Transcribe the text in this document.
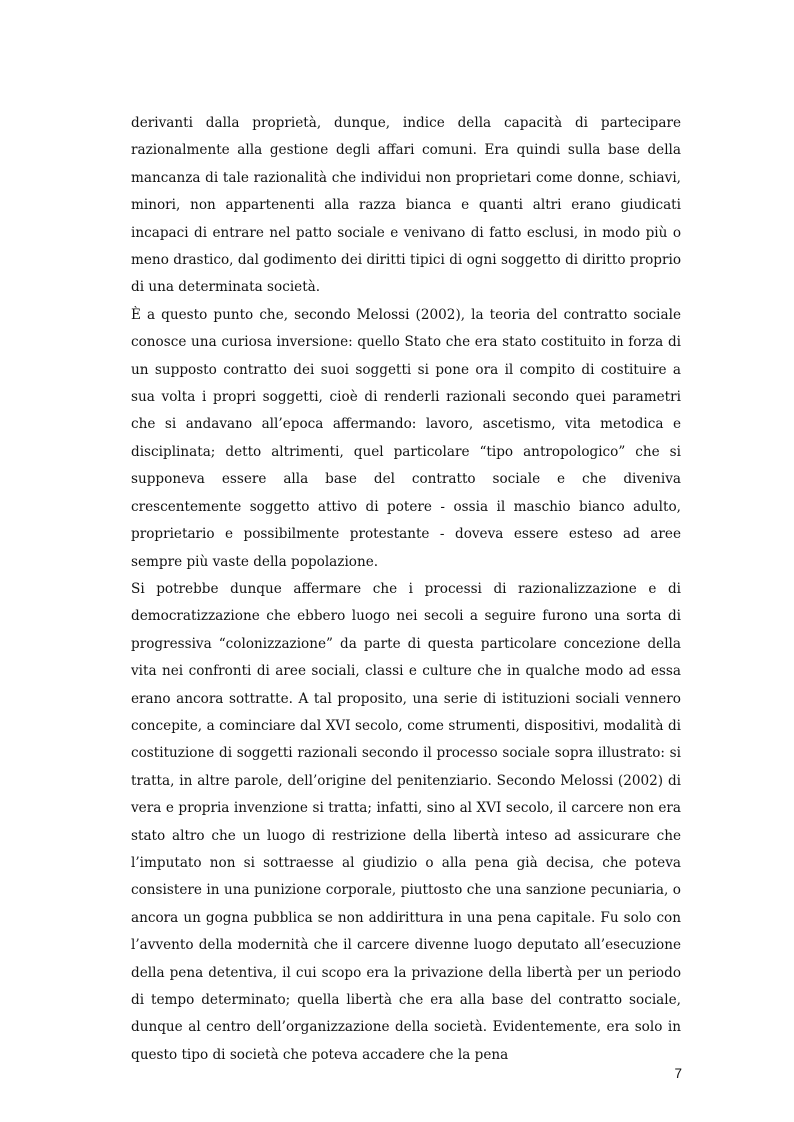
derivanti dalla proprietà, dunque, indice della capacità di partecipare razionalmente alla gestione degli affari comuni. Era quindi sulla base della mancanza di tale razionalità che individui non proprietari come donne, schiavi, minori, non appartenenti alla razza bianca e quanti altri erano giudicati incapaci di entrare nel patto sociale e venivano di fatto esclusi, in modo più o meno drastico, dal godimento dei diritti tipici di ogni soggetto di diritto proprio di una determinata società.

È a questo punto che, secondo Melossi (2002), la teoria del contratto sociale conosce una curiosa inversione: quello Stato che era stato costituito in forza di un supposto contratto dei suoi soggetti si pone ora il compito di costituire a sua volta i propri soggetti, cioè di renderli razionali secondo quei parametri che si andavano all’epoca affermando: lavoro, ascetismo, vita metodica e disciplinata; detto altrimenti, quel particolare “tipo antropologico” che si supponeva essere alla base del contratto sociale e che diveniva crescentemente soggetto attivo di potere - ossia il maschio bianco adulto, proprietario e possibilmente protestante - doveva essere esteso ad aree sempre più vaste della popolazione.

Si potrebbe dunque affermare che i processi di razionalizzazione e di democratizzazione che ebbero luogo nei secoli a seguire furono una sorta di progressiva “colonizzazione” da parte di questa particolare concezione della vita nei confronti di aree sociali, classi e culture che in qualche modo ad essa erano ancora sottratte. A tal proposito, una serie di istituzioni sociali vennero concepite, a cominciare dal XVI secolo, come strumenti, dispositivi, modalità di costituzione di soggetti razionali secondo il processo sociale sopra illustrato: si tratta, in altre parole, dell’origine del penitenziario. Secondo Melossi (2002) di vera e propria invenzione si tratta; infatti, sino al XVI secolo, il carcere non era stato altro che un luogo di restrizione della libertà inteso ad assicurare che l’imputato non si sottraesse al giudizio o alla pena già decisa, che poteva consistere in una punizione corporale, piuttosto che una sanzione pecuniaria, o ancora un gogna pubblica se non addirittura in una pena capitale. Fu solo con l’avvento della modernità che il carcere divenne luogo deputato all’esecuzione della pena detentiva, il cui scopo era la privazione della libertà per un periodo di tempo determinato; quella libertà che era alla base del contratto sociale, dunque al centro dell’organizzazione della società. Evidentemente, era solo in questo tipo di società che poteva accadere che la pena

7
